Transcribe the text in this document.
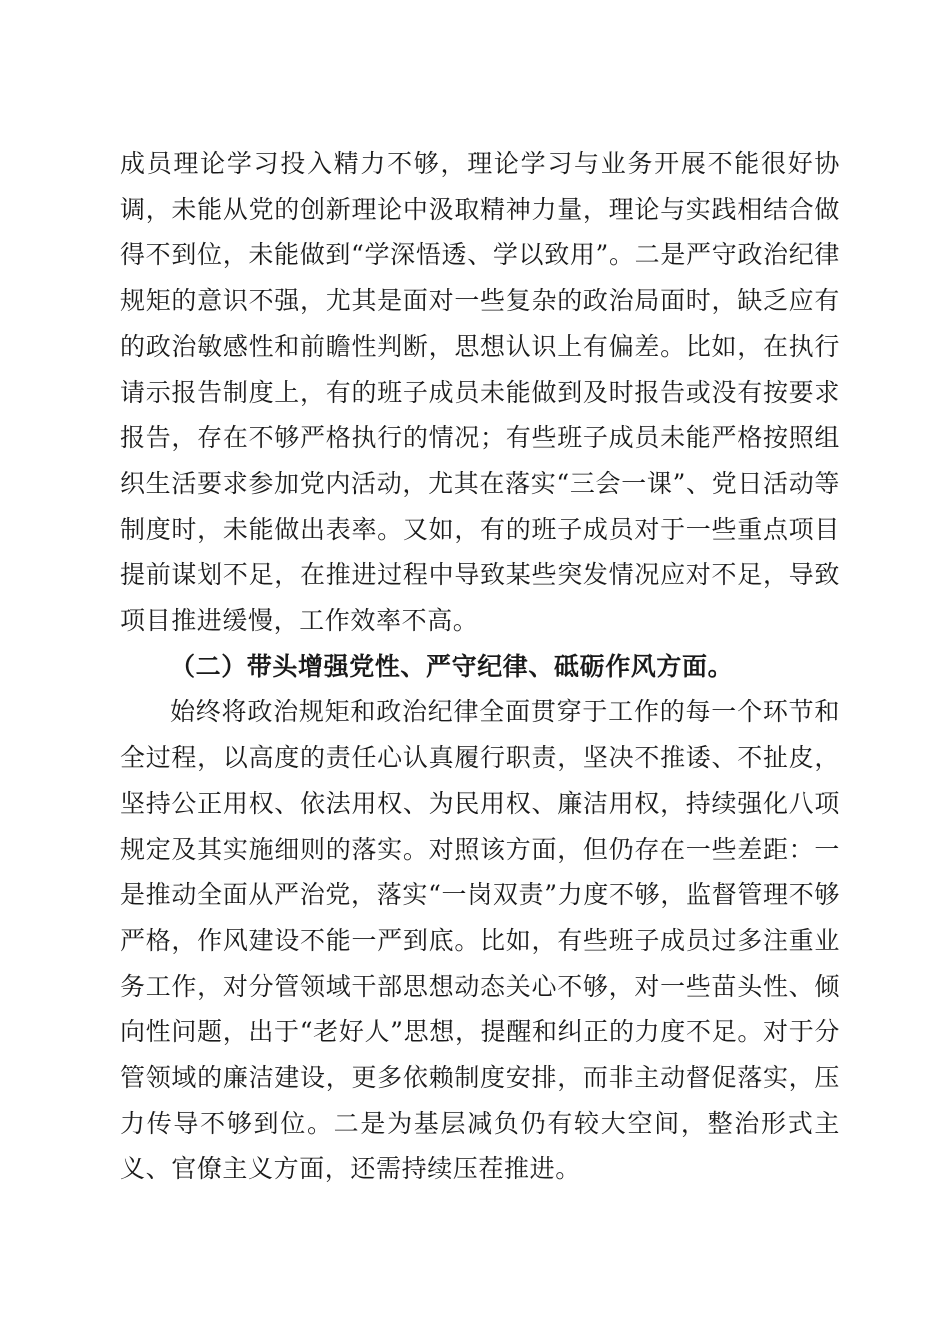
成员理论学习投入精力不够，理论学习与业务开展不能很好协调，未能从党的创新理论中汲取精神力量，理论与实践相结合做得不到位，未能做到“学深悟透、学以致用”。二是严守政治纪律规矩的意识不强，尤其是面对一些复杂的政治局面时，缺乏应有的政治敏感性和前瞻性判断，思想认识上有偏差。比如，在执行请示报告制度上，有的班子成员未能做到及时报告或没有按要求报告，存在不够严格执行的情况；有些班子成员未能严格按照组织生活要求参加党内活动，尤其在落实“三会一课”、党日活动等制度时，未能做出表率。又如，有的班子成员对于一些重点项目提前谋划不足，在推进过程中导致某些突发情况应对不足，导致项目推进缓慢，工作效率不高。

（二）带头增强党性、严守纪律、砥砺作风方面。

始终将政治规矩和政治纪律全面贯穿于工作的每一个环节和全过程，以高度的责任心认真履行职责，坚决不推诿、不扯皮，坚持公正用权、依法用权、为民用权、廉洁用权，持续强化八项规定及其实施细则的落实。对照该方面，但仍存在一些差距：一是推动全面从严治党，落实“一岗双责”力度不够，监督管理不够严格，作风建设不能一严到底。比如，有些班子成员过多注重业务工作，对分管领域干部思想动态关心不够，对一些苗头性、倾向性问题，出于“老好人”思想，提醒和纠正的力度不足。对于分管领域的廉洁建设，更多依赖制度安排，而非主动督促落实，压力传导不够到位。二是为基层减负仍有较大空间，整治形式主义、官僚主义方面，还需持续压茬推进。
